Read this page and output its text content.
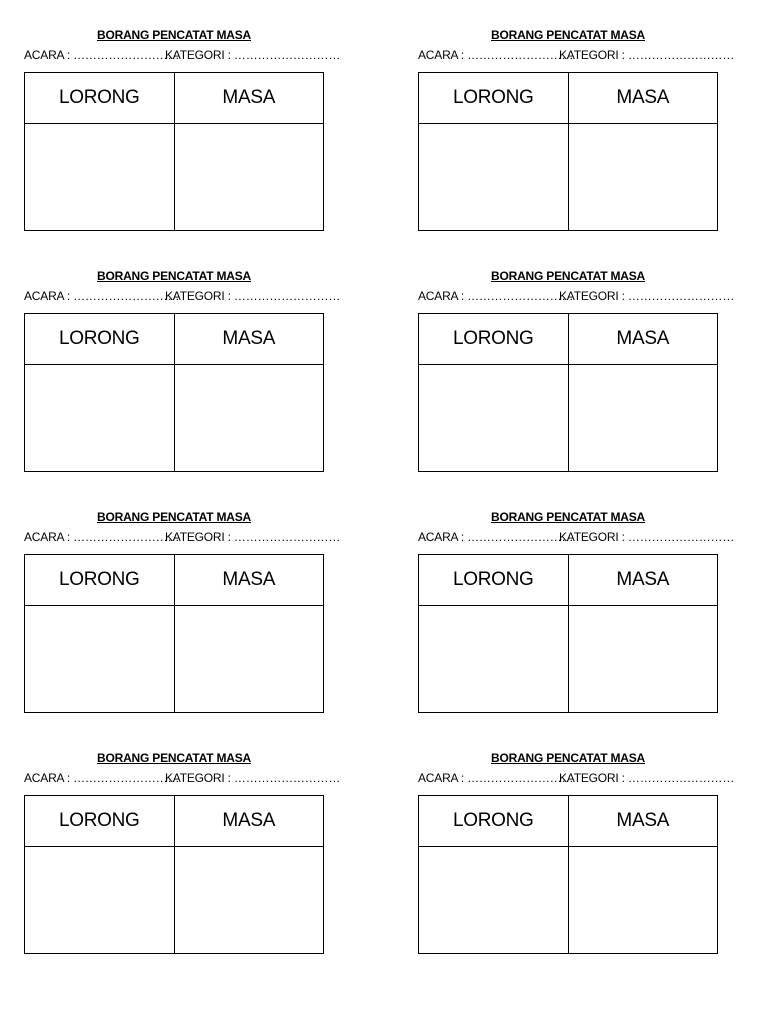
BORANG PENCATAT MASA
ACARA : ………………………
KATEGORI : ………………………
LORONG	MASA

BORANG PENCATAT MASA
ACARA : ………………………
KATEGORI : ………………………
LORONG	MASA

BORANG PENCATAT MASA
ACARA : ………………………
KATEGORI : ………………………
LORONG	MASA

BORANG PENCATAT MASA
ACARA : ………………………
KATEGORI : ………………………
LORONG	MASA

BORANG PENCATAT MASA
ACARA : ………………………
KATEGORI : ………………………
LORONG	MASA

BORANG PENCATAT MASA
ACARA : ………………………
KATEGORI : ………………………
LORONG	MASA

BORANG PENCATAT MASA
ACARA : ………………………
KATEGORI : ………………………
LORONG	MASA

BORANG PENCATAT MASA
ACARA : ………………………
KATEGORI : ………………………
LORONG	MASA
